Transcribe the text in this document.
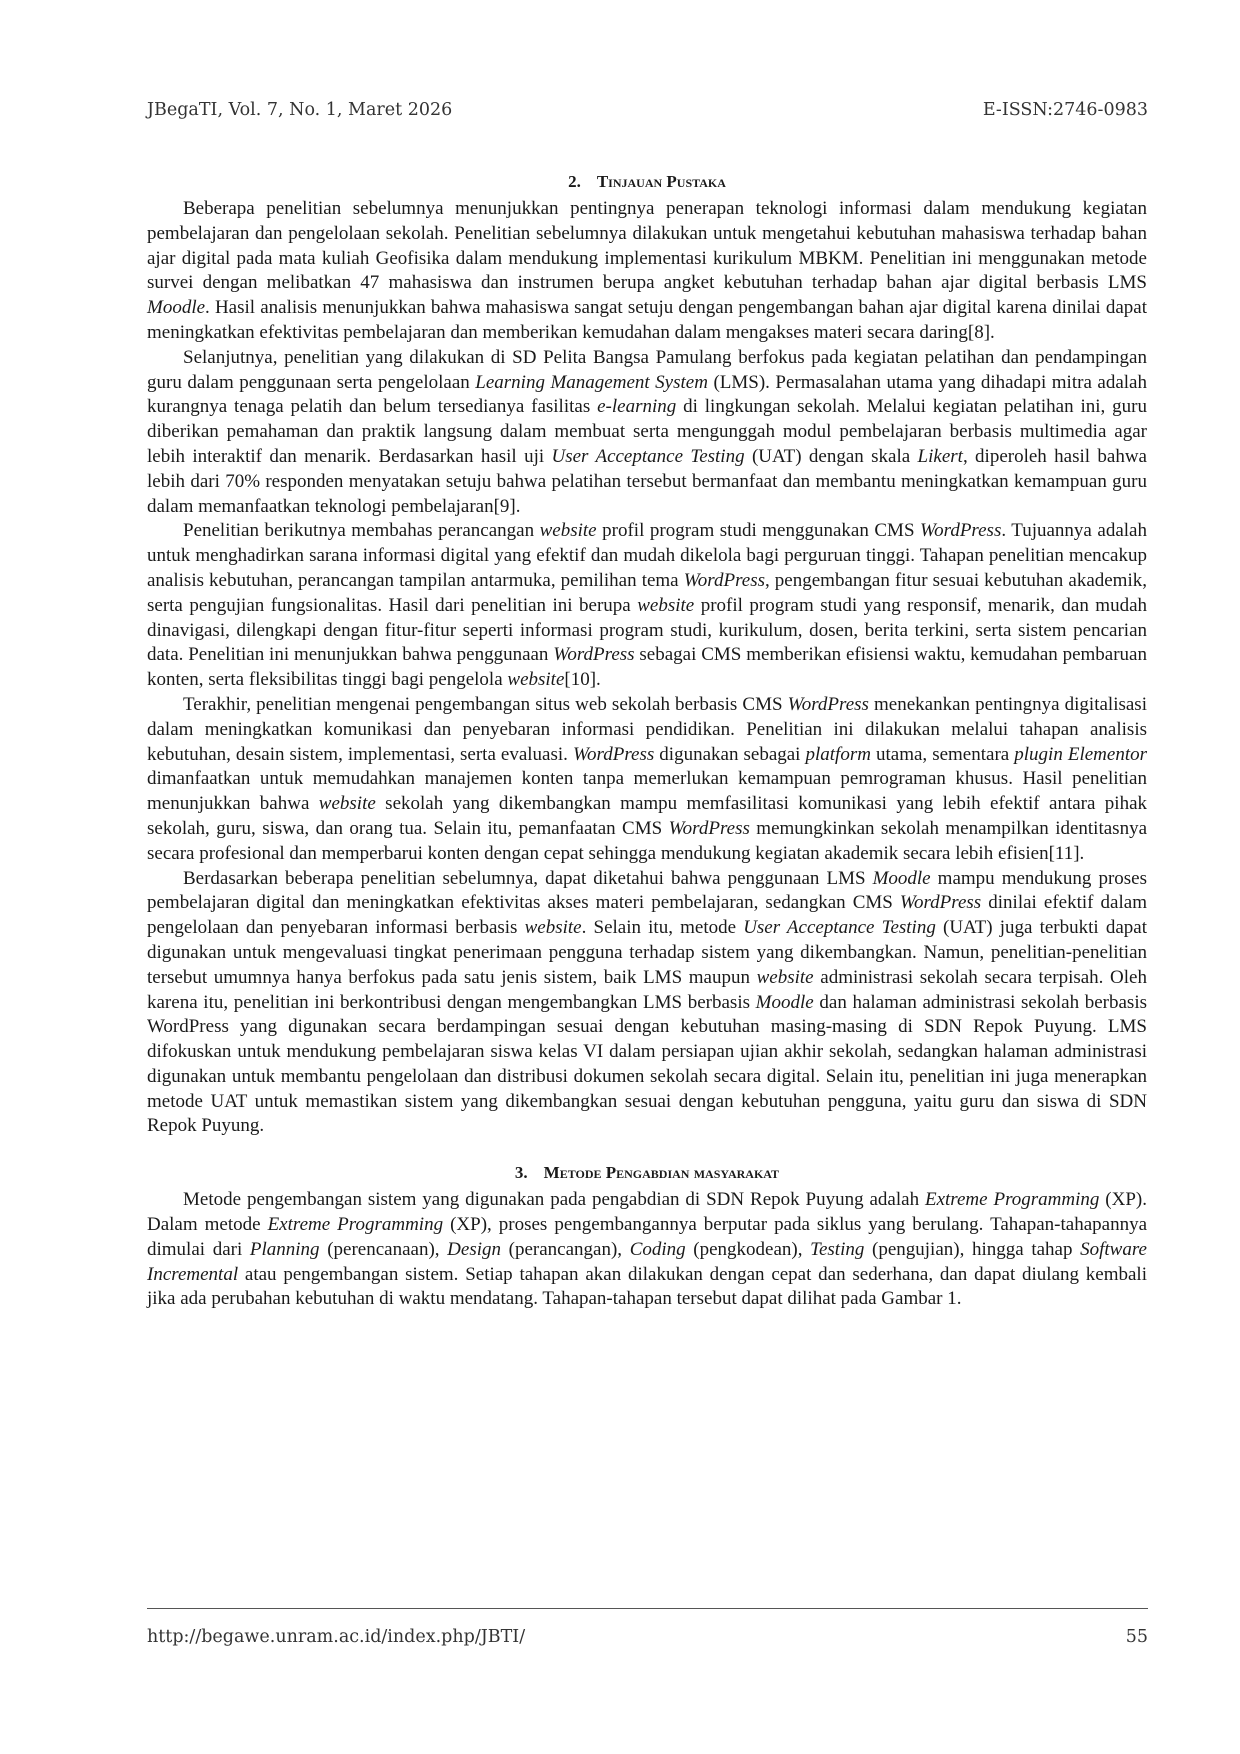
JBegaTI, Vol. 7, No. 1, Maret 2026	E-ISSN:2746-0983
2. Tinjauan Pustaka

Beberapa penelitian sebelumnya menunjukkan pentingnya penerapan teknologi informasi dalam mendukung kegiatan pembelajaran dan pengelolaan sekolah. Penelitian sebelumnya dilakukan untuk mengetahui kebutuhan mahasiswa terhadap bahan ajar digital pada mata kuliah Geofisika dalam mendukung implementasi kurikulum MBKM. Penelitian ini menggunakan metode survei dengan melibatkan 47 mahasiswa dan instrumen berupa angket kebutuhan terhadap bahan ajar digital berbasis LMS Moodle. Hasil analisis menunjukkan bahwa mahasiswa sangat setuju dengan pengembangan bahan ajar digital karena dinilai dapat meningkatkan efektivitas pembelajaran dan memberikan kemudahan dalam mengakses materi secara daring[8].

Selanjutnya, penelitian yang dilakukan di SD Pelita Bangsa Pamulang berfokus pada kegiatan pelatihan dan pendampingan guru dalam penggunaan serta pengelolaan Learning Management System (LMS). Permasalahan utama yang dihadapi mitra adalah kurangnya tenaga pelatih dan belum tersedianya fasilitas e-learning di lingkungan sekolah. Melalui kegiatan pelatihan ini, guru diberikan pemahaman dan praktik langsung dalam membuat serta mengunggah modul pembelajaran berbasis multimedia agar lebih interaktif dan menarik. Berdasarkan hasil uji User Acceptance Testing (UAT) dengan skala Likert, diperoleh hasil bahwa lebih dari 70% responden menyatakan setuju bahwa pelatihan tersebut bermanfaat dan membantu meningkatkan kemampuan guru dalam memanfaatkan teknologi pembelajaran[9].

Penelitian berikutnya membahas perancangan website profil program studi menggunakan CMS WordPress. Tujuannya adalah untuk menghadirkan sarana informasi digital yang efektif dan mudah dikelola bagi perguruan tinggi. Tahapan penelitian mencakup analisis kebutuhan, perancangan tampilan antarmuka, pemilihan tema WordPress, pengembangan fitur sesuai kebutuhan akademik, serta pengujian fungsionalitas. Hasil dari penelitian ini berupa website profil program studi yang responsif, menarik, dan mudah dinavigasi, dilengkapi dengan fitur-fitur seperti informasi program studi, kurikulum, dosen, berita terkini, serta sistem pencarian data. Penelitian ini menunjukkan bahwa penggunaan WordPress sebagai CMS memberikan efisiensi waktu, kemudahan pembaruan konten, serta fleksibilitas tinggi bagi pengelola website[10].

Terakhir, penelitian mengenai pengembangan situs web sekolah berbasis CMS WordPress menekankan pentingnya digitalisasi dalam meningkatkan komunikasi dan penyebaran informasi pendidikan. Penelitian ini dilakukan melalui tahapan analisis kebutuhan, desain sistem, implementasi, serta evaluasi. WordPress digunakan sebagai platform utama, sementara plugin Elementor dimanfaatkan untuk memudahkan manajemen konten tanpa memerlukan kemampuan pemrograman khusus. Hasil penelitian menunjukkan bahwa website sekolah yang dikembangkan mampu memfasilitasi komunikasi yang lebih efektif antara pihak sekolah, guru, siswa, dan orang tua. Selain itu, pemanfaatan CMS WordPress memungkinkan sekolah menampilkan identitasnya secara profesional dan memperbarui konten dengan cepat sehingga mendukung kegiatan akademik secara lebih efisien[11].

Berdasarkan beberapa penelitian sebelumnya, dapat diketahui bahwa penggunaan LMS Moodle mampu mendukung proses pembelajaran digital dan meningkatkan efektivitas akses materi pembelajaran, sedangkan CMS WordPress dinilai efektif dalam pengelolaan dan penyebaran informasi berbasis website. Selain itu, metode User Acceptance Testing (UAT) juga terbukti dapat digunakan untuk mengevaluasi tingkat penerimaan pengguna terhadap sistem yang dikembangkan. Namun, penelitian-penelitian tersebut umumnya hanya berfokus pada satu jenis sistem, baik LMS maupun website administrasi sekolah secara terpisah. Oleh karena itu, penelitian ini berkontribusi dengan mengembangkan LMS berbasis Moodle dan halaman administrasi sekolah berbasis WordPress yang digunakan secara berdampingan sesuai dengan kebutuhan masing-masing di SDN Repok Puyung. LMS difokuskan untuk mendukung pembelajaran siswa kelas VI dalam persiapan ujian akhir sekolah, sedangkan halaman administrasi digunakan untuk membantu pengelolaan dan distribusi dokumen sekolah secara digital. Selain itu, penelitian ini juga menerapkan metode UAT untuk memastikan sistem yang dikembangkan sesuai dengan kebutuhan pengguna, yaitu guru dan siswa di SDN Repok Puyung.

3. Metode Pengabdian masyarakat

Metode pengembangan sistem yang digunakan pada pengabdian di SDN Repok Puyung adalah Extreme Programming (XP). Dalam metode Extreme Programming (XP), proses pengembangannya berputar pada siklus yang berulang. Tahapan-tahapannya dimulai dari Planning (perencanaan), Design (perancangan), Coding (pengkodean), Testing (pengujian), hingga tahap Software Incremental atau pengembangan sistem. Setiap tahapan akan dilakukan dengan cepat dan sederhana, dan dapat diulang kembali jika ada perubahan kebutuhan di waktu mendatang. Tahapan-tahapan tersebut dapat dilihat pada Gambar 1.

http://begawe.unram.ac.id/index.php/JBTI/	55
